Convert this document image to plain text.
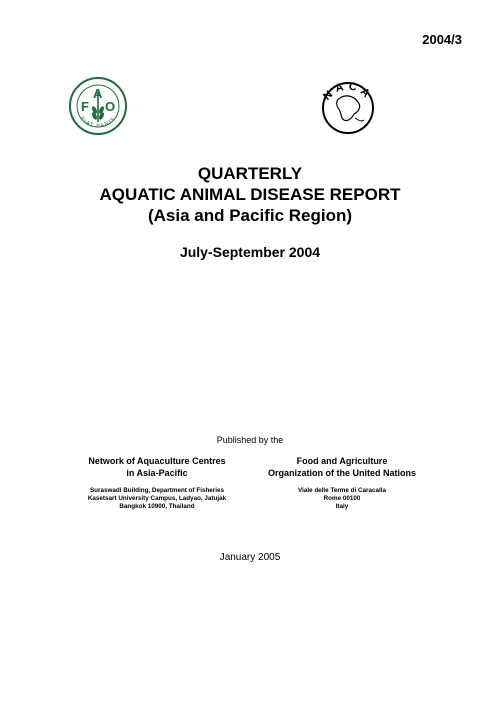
2004/3
F
A
O
FIAT PANIS
NACA
QUARTERLY
AQUATIC ANIMAL DISEASE REPORT
(Asia and Pacific Region)
July-September 2004
Published by the
Network of Aquaculture Centres
in Asia-Pacific
Suraswadi Building, Department of Fisheries
Kasetsart University Campus, Ladyao, Jatujak
Bangkok 10900, Thailand
Food and Agriculture
Organization of the United Nations
Viale delle Terme di Caracalla
Rome 00100
Italy
January 2005
